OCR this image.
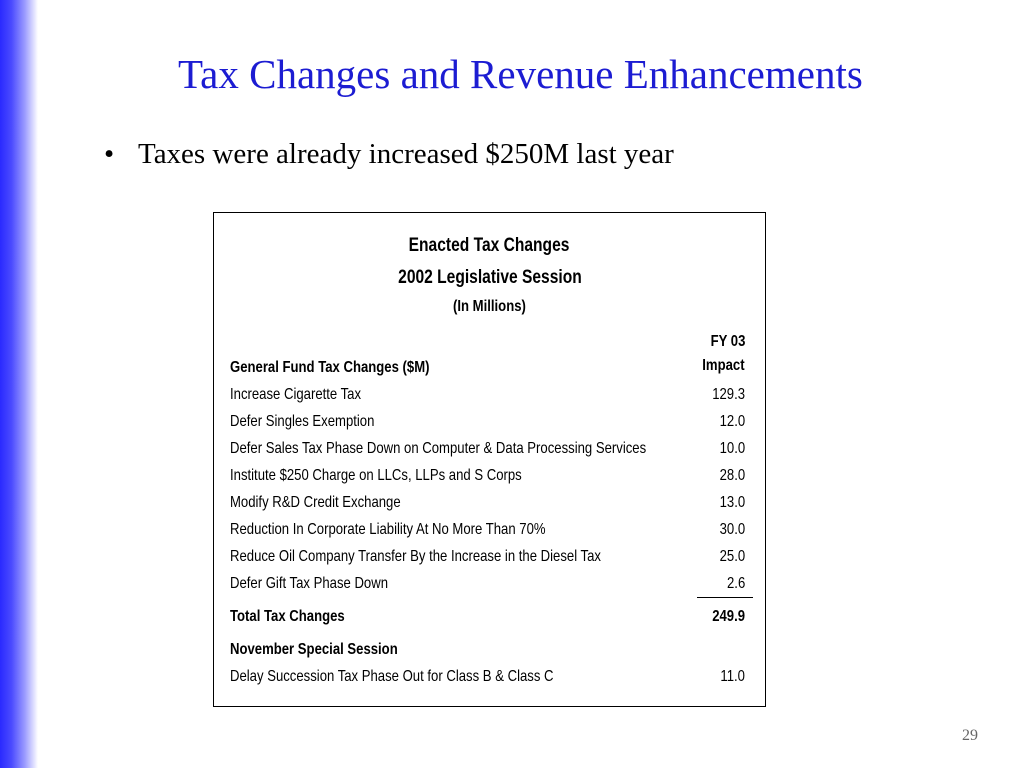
Tax Changes and Revenue Enhancements
• Taxes were already increased $250M last year
Enacted Tax Changes
2002 Legislative Session
(In Millions)
FY 03
Impact
General Fund Tax Changes ($M)
Increase Cigarette Tax	129.3
Defer Singles Exemption	12.0
Defer Sales Tax Phase Down on Computer & Data Processing Services	10.0
Institute $250 Charge on LLCs, LLPs and S Corps	28.0
Modify R&D Credit Exchange	13.0
Reduction In Corporate Liability At No More Than 70%	30.0
Reduce Oil Company Transfer By the Increase in the Diesel Tax	25.0
Defer Gift Tax Phase Down	2.6
Total Tax Changes	249.9
November Special Session
Delay Succession Tax Phase Out for Class B & Class C	11.0
29
